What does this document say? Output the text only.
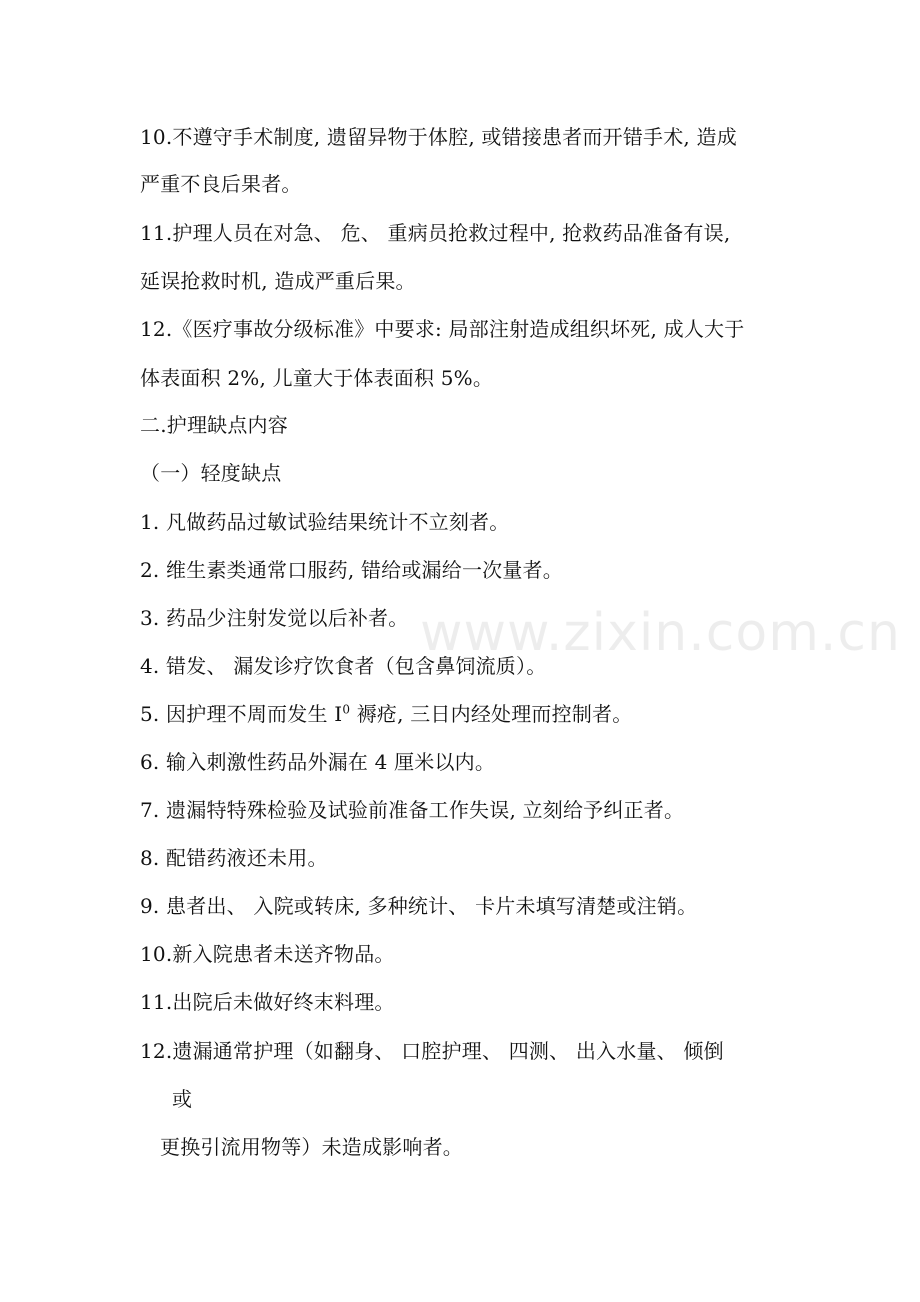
www.zixin.com.cn
10.不遵守手术制度, 遗留异物于体腔, 或错接患者而开错手术, 造成
严重不良后果者。
11.护理人员在对急、 危、 重病员抢救过程中, 抢救药品准备有误,
延误抢救时机, 造成严重后果。
12.《医疗事故分级标准》中要求: 局部注射造成组织坏死, 成人大于
体表面积 2%, 儿童大于体表面积 5%。
二.护理缺点内容
（一）轻度缺点
1. 凡做药品过敏试验结果统计不立刻者。
2. 维生素类通常口服药, 错给或漏给一次量者。
3. 药品少注射发觉以后补者。
4. 错发、 漏发诊疗饮食者（包含鼻饲流质）。
5. 因护理不周而发生 $I^0$ 褥疮, 三日内经处理而控制者。
6. 输入刺激性药品外漏在 4 厘米以内。
7. 遗漏特特殊检验及试验前准备工作失误, 立刻给予纠正者。
8. 配错药液还未用。
9. 患者出、 入院或转床, 多种统计、 卡片未填写清楚或注销。
10.新入院患者未送齐物品。
11.出院后未做好终末料理。
12.遗漏通常护理（如翻身、 口腔护理、 四测、 出入水量、 倾倒
或
更换引流用物等）未造成影响者。
